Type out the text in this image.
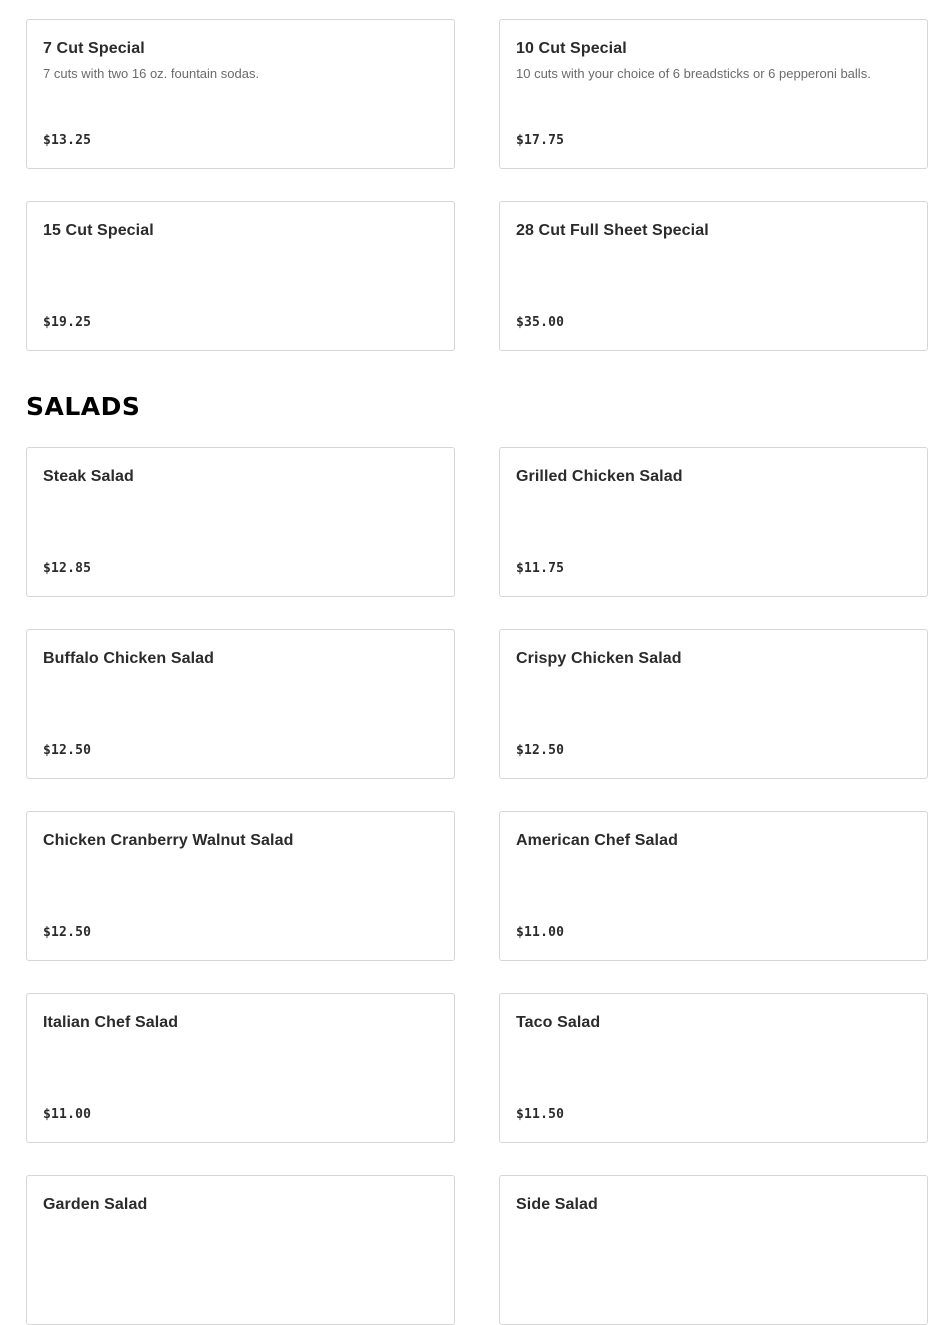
7 Cut Special
7 cuts with two 16 oz. fountain sodas.
$13.25
10 Cut Special
10 cuts with your choice of 6 breadsticks or 6 pepperoni balls.
$17.75
15 Cut Special
$19.25
28 Cut Full Sheet Special
$35.00
SALADS
Steak Salad
$12.85
Grilled Chicken Salad
$11.75
Buffalo Chicken Salad
$12.50
Crispy Chicken Salad
$12.50
Chicken Cranberry Walnut Salad
$12.50
American Chef Salad
$11.00
Italian Chef Salad
$11.00
Taco Salad
$11.50
Garden Salad	Side Salad
